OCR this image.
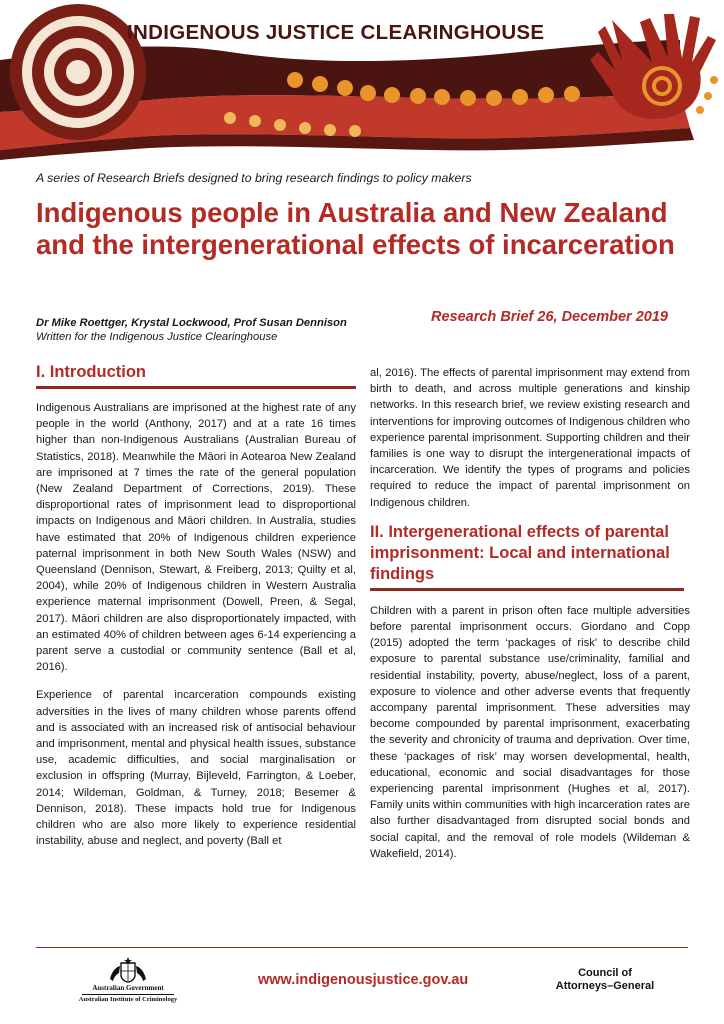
INDIGENOUS JUSTICE CLEARINGHOUSE
A series of Research Briefs designed to bring research findings to policy makers
Indigenous people in Australia and New Zealand and the intergenerational effects of incarceration
Research Brief 26, December 2019
Dr Mike Roettger, Krystal Lockwood, Prof Susan Dennison
Written for the Indigenous Justice Clearinghouse
I. Introduction

Indigenous Australians are imprisoned at the highest rate of any people in the world (Anthony, 2017) and at a rate 16 times higher than non-Indigenous Australians (Australian Bureau of Statistics, 2018). Meanwhile the Māori in Aotearoa New Zealand are imprisoned at 7 times the rate of the general population (New Zealand Department of Corrections, 2019). These disproportional rates of imprisonment lead to disproportional impacts on Indigenous and Māori children. In Australia, studies have estimated that 20% of Indigenous children experience paternal imprisonment in both New South Wales (NSW) and Queensland (Dennison, Stewart, & Freiberg, 2013; Quilty et al, 2004), while 20% of Indigenous children in Western Australia experience maternal imprisonment (Dowell, Preen, & Segal, 2017). Māori children are also disproportionately impacted, with an estimated 40% of children between ages 6-14 experiencing a parent serve a custodial or community sentence (Ball et al, 2016).

Experience of parental incarceration compounds existing adversities in the lives of many children whose parents offend and is associated with an increased risk of antisocial behaviour and imprisonment, mental and physical health issues, substance use, academic difficulties, and social marginalisation or exclusion in offspring (Murray, Bijleveld, Farrington, & Loeber, 2014; Wildeman, Goldman, & Turney, 2018; Besemer & Dennison, 2018). These impacts hold true for Indigenous children who are also more likely to experience residential instability, abuse and neglect, and poverty (Ball et

al, 2016). The effects of parental imprisonment may extend from birth to death, and across multiple generations and kinship networks. In this research brief, we review existing research and interventions for improving outcomes of Indigenous children who experience parental imprisonment. Supporting children and their families is one way to disrupt the intergenerational impacts of incarceration. We identify the types of programs and policies required to reduce the impact of parental imprisonment on Indigenous children.

II. Intergenerational effects of parental imprisonment: Local and international findings

Children with a parent in prison often face multiple adversities before parental imprisonment occurs. Giordano and Copp (2015) adopted the term ‘packages of risk’ to describe child exposure to parental substance use/criminality, familial and residential instability, poverty, abuse/neglect, loss of a parent, exposure to violence and other adverse events that frequently accompany parental imprisonment. These adversities may become compounded by parental imprisonment, exacerbating the severity and chronicity of trauma and deprivation. Over time, these ‘packages of risk’ may worsen developmental, health, educational, economic and social disadvantages for those experiencing parental imprisonment (Hughes et al, 2017). Family units within communities with high incarceration rates are also further disadvantaged from disrupted social bonds and social capital, and the removal of role models (Wildeman & Wakefield, 2014).

Australian Government
Australian Institute of Criminology
www.indigenousjustice.gov.au	Council of
Attorneys–General
